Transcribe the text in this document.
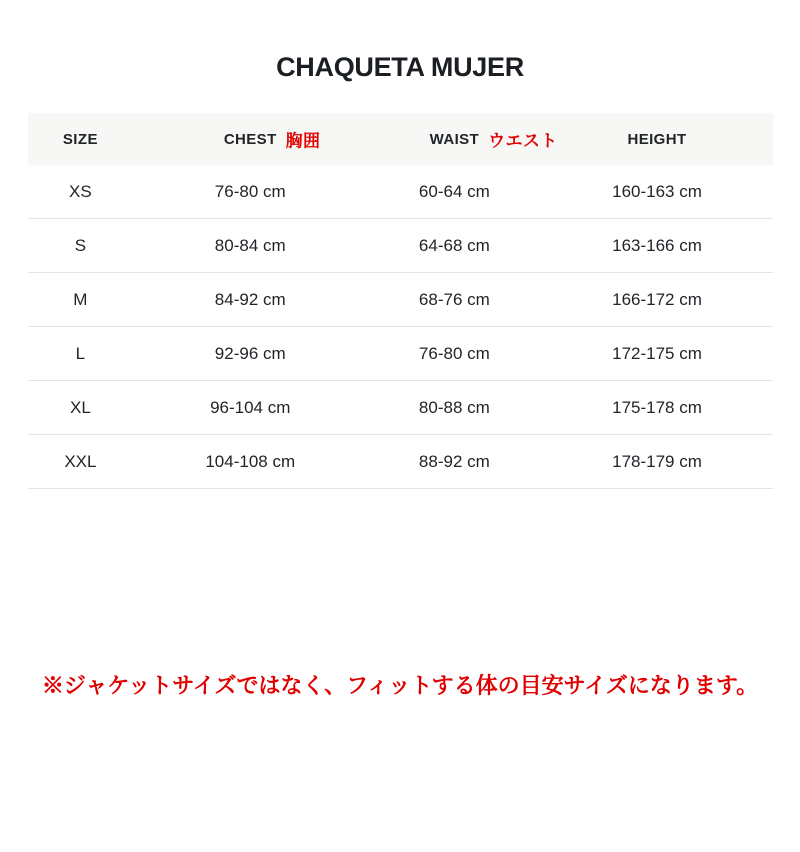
CHAQUETA MUJER
SIZE	CHEST 胸囲	WAIST ウエスト	HEIGHT
XS	76-80 cm	60-64 cm	160-163 cm
S	80-84 cm	64-68 cm	163-166 cm
M	84-92 cm	68-76 cm	166-172 cm
L	92-96 cm	76-80 cm	172-175 cm
XL	96-104 cm	80-88 cm	175-178 cm
XXL	104-108 cm	88-92 cm	178-179 cm

※ジャケットサイズではなく、フィットする体の目安サイズになります。
